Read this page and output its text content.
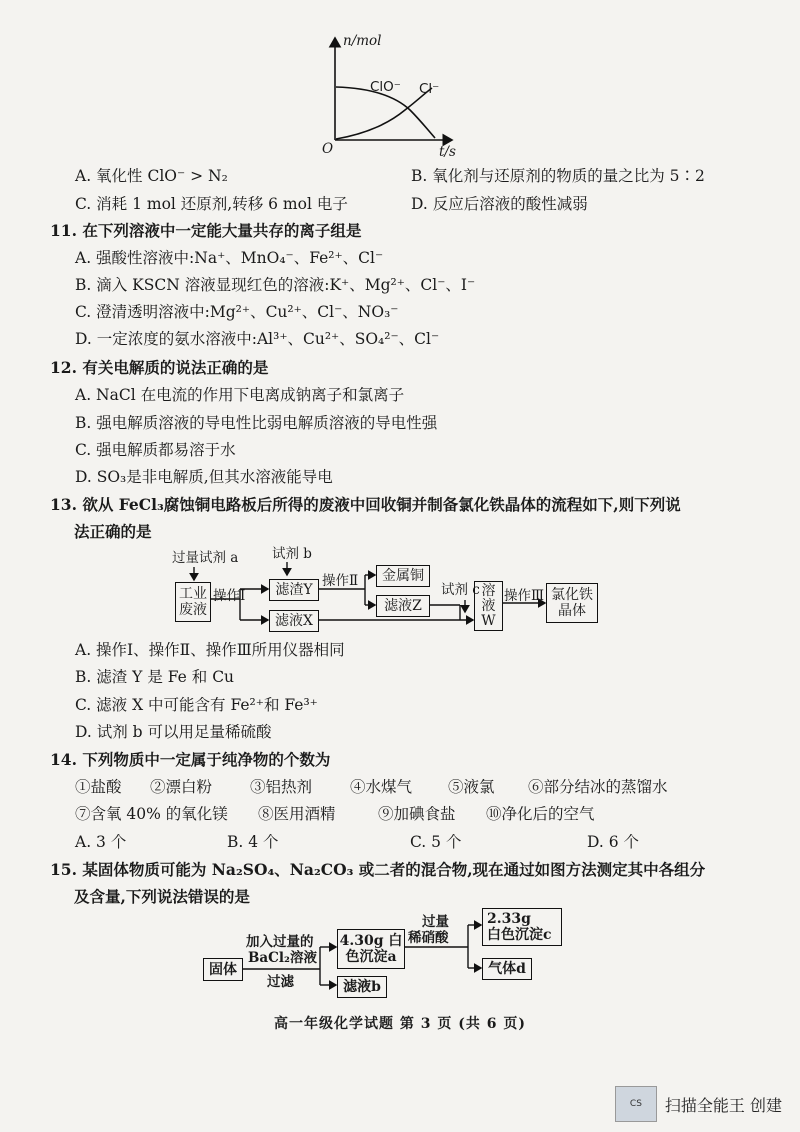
n/mol
t/s
O
ClO⁻ Cl⁻
A. 氧化性 ClO⁻ > N₂	B. 氧化剂与还原剂的物质的量之比为 5∶2
C. 消耗 1 mol 还原剂,转移 6 mol 电子	D. 反应后溶液的酸性减弱
11. 在下列溶液中一定能大量共存的离子组是
A. 强酸性溶液中:Na⁺、MnO₄⁻、Fe²⁺、Cl⁻
B. 滴入 KSCN 溶液显现红色的溶液:K⁺、Mg²⁺、Cl⁻、I⁻
C. 澄清透明溶液中:Mg²⁺、Cu²⁺、Cl⁻、NO₃⁻
D. 一定浓度的氨水溶液中:Al³⁺、Cu²⁺、SO₄²⁻、Cl⁻
12. 有关电解质的说法正确的是
A. NaCl 在电流的作用下电离成钠离子和氯离子
B. 强电解质溶液的导电性比弱电解质溶液的导电性强
C. 强电解质都易溶于水
D. SO₃是非电解质,但其水溶液能导电
13. 欲从 FeCl₃腐蚀铜电路板后所得的废液中回收铜并制备氯化铁晶体的流程如下,则下列说
法正确的是
过量试剂 a 试剂 b
试剂 c
工业
废液
操作Ⅰ	滤渣Y
滤液X
操作Ⅱ	金属铜
滤液Z
溶
液
W
操作Ⅲ 氯化铁
晶体
A. 操作Ⅰ、操作Ⅱ、操作Ⅲ所用仪器相同
B. 滤渣 Y 是 Fe 和 Cu
C. 滤液 X 中可能含有 Fe²⁺和 Fe³⁺
D. 试剂 b 可以用足量稀硫酸
14. 下列物质中一定属于纯净物的个数为
①盐酸 ②漂白粉 ③铝热剂 ④水煤气 ⑤液氯 ⑥部分结冰的蒸馏水
⑦含氧 40% 的氧化镁 ⑧医用酒精	⑨加碘食盐 ⑩净化后的空气
A. 3 个	B. 4 个	C. 5 个	D. 6 个
15. 某固体物质可能为 Na₂SO₄、Na₂CO₃ 或二者的混合物,现在通过如图方法测定其中各组分
及含量,下列说法错误的是
固体
加入过量的
BaCl₂溶液
过滤
4.30g 白
色沉淀a
滤液b
过量
稀硝酸
2.33g
白色沉淀c
气体d
高一年级化学试题 第 3 页 (共 6 页)
CS	扫描全能王 创建
